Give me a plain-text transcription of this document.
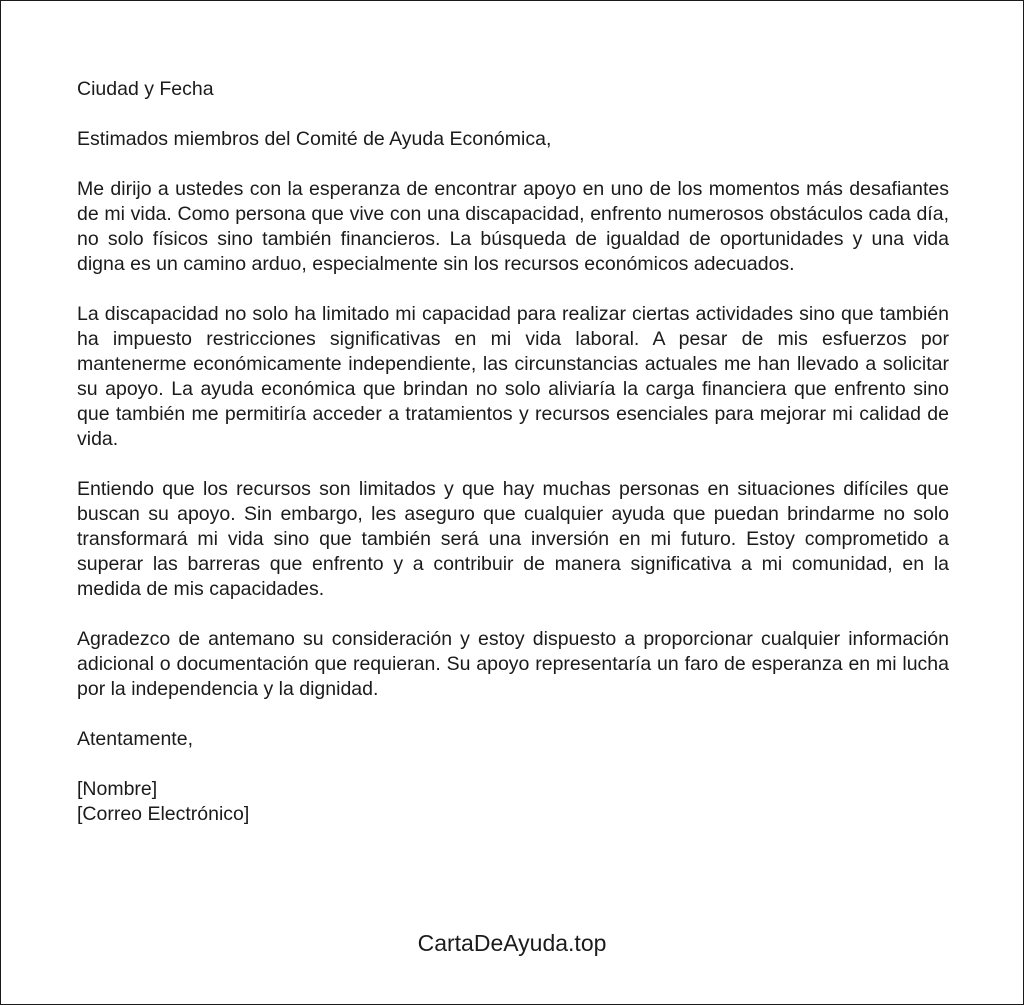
Ciudad y Fecha

Estimados miembros del Comité de Ayuda Económica,

Me dirijo a ustedes con la esperanza de encontrar apoyo en uno de los momentos más desafiantes de mi vida. Como persona que vive con una discapacidad, enfrento numerosos obstáculos cada día, no solo físicos sino también financieros. La búsqueda de igualdad de oportunidades y una vida digna es un camino arduo, especialmente sin los recursos económicos adecuados.

La discapacidad no solo ha limitado mi capacidad para realizar ciertas actividades sino que también ha impuesto restricciones significativas en mi vida laboral. A pesar de mis esfuerzos por mantenerme económicamente independiente, las circunstancias actuales me han llevado a solicitar su apoyo. La ayuda económica que brindan no solo aliviaría la carga financiera que enfrento sino que también me permitiría acceder a tratamientos y recursos esenciales para mejorar mi calidad de vida.

Entiendo que los recursos son limitados y que hay muchas personas en situaciones difíciles que buscan su apoyo. Sin embargo, les aseguro que cualquier ayuda que puedan brindarme no solo transformará mi vida sino que también será una inversión en mi futuro. Estoy comprometido a superar las barreras que enfrento y a contribuir de manera significativa a mi comunidad, en la medida de mis capacidades.

Agradezco de antemano su consideración y estoy dispuesto a proporcionar cualquier información adicional o documentación que requieran. Su apoyo representaría un faro de esperanza en mi lucha por la independencia y la dignidad.

Atentamente,

[Nombre]

[Correo Electrónico]

CartaDeAyuda.top
